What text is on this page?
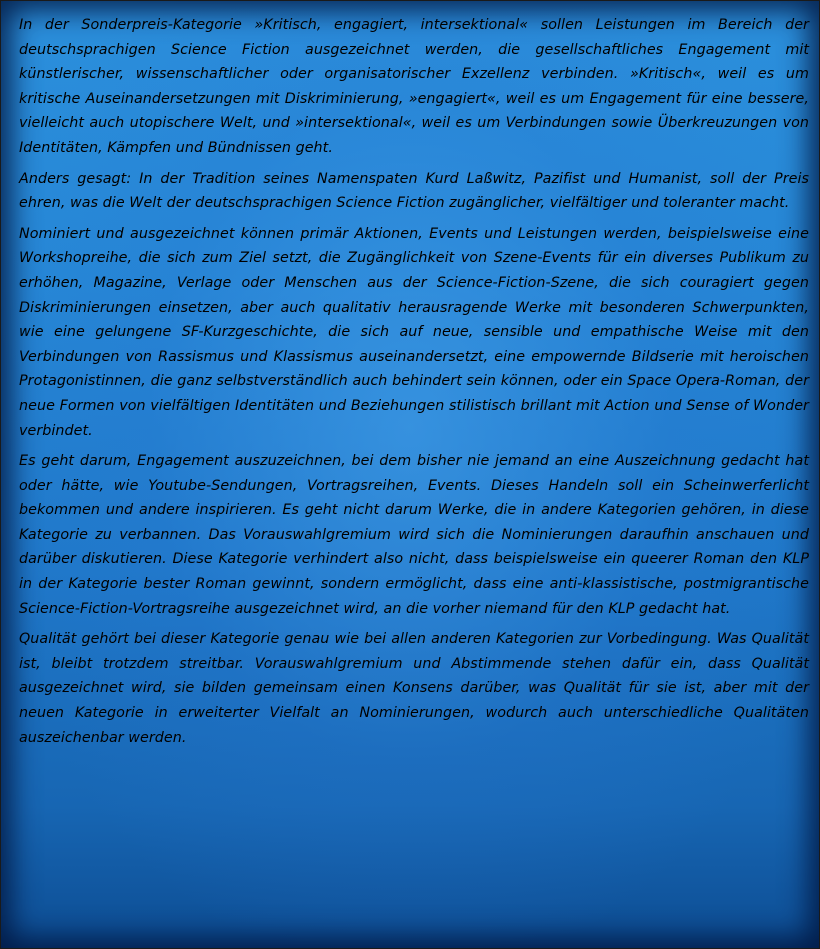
In der Sonderpreis-Kategorie »Kritisch, engagiert, intersektional« sollen Leistungen im Bereich der deutschsprachigen Science Fiction ausgezeichnet werden, die gesellschaftliches Engagement mit künstlerischer, wissenschaftlicher oder organisatorischer Exzellenz verbinden. »Kritisch«, weil es um kritische Auseinandersetzungen mit Diskriminierung, »engagiert«, weil es um Engagement für eine bessere, vielleicht auch utopischere Welt, und »intersektional«, weil es um Verbindungen sowie Überkreuzungen von Identitäten, Kämpfen und Bündnissen geht.

Anders gesagt: In der Tradition seines Namenspaten Kurd Laßwitz, Pazifist und Humanist, soll der Preis ehren, was die Welt der deutschsprachigen Science Fiction zugänglicher, vielfältiger und toleranter macht.

Nominiert und ausgezeichnet können primär Aktionen, Events und Leistungen werden, beispielsweise eine Workshopreihe, die sich zum Ziel setzt, die Zugänglichkeit von Szene-Events für ein diverses Publikum zu erhöhen, Magazine, Verlage oder Menschen aus der Science-Fiction-Szene, die sich couragiert gegen Diskriminierungen einsetzen, aber auch qualitativ herausragende Werke mit besonderen Schwerpunkten, wie eine gelungene SF-Kurzgeschichte, die sich auf neue, sensible und empathische Weise mit den Verbindungen von Rassismus und Klassismus auseinandersetzt, eine empowernde Bildserie mit heroischen Protagonistinnen, die ganz selbstverständlich auch behindert sein können, oder ein Space Opera-Roman, der neue Formen von vielfältigen Identitäten und Beziehungen stilistisch brillant mit Action und Sense of Wonder verbindet.

Es geht darum, Engagement auszuzeichnen, bei dem bisher nie jemand an eine Auszeichnung gedacht hat oder hätte, wie Youtube-Sendungen, Vortragsreihen, Events. Dieses Handeln soll ein Scheinwerferlicht bekommen und andere inspirieren. Es geht nicht darum Werke, die in andere Kategorien gehören, in diese Kategorie zu verbannen. Das Vorauswahlgremium wird sich die Nominierungen daraufhin anschauen und darüber diskutieren. Diese Kategorie verhindert also nicht, dass beispielsweise ein queerer Roman den KLP in der Kategorie bester Roman gewinnt, sondern ermöglicht, dass eine anti-klassistische, postmigrantische Science-Fiction-Vortragsreihe ausgezeichnet wird, an die vorher niemand für den KLP gedacht hat.

Qualität gehört bei dieser Kategorie genau wie bei allen anderen Kategorien zur Vorbedingung. Was Qualität ist, bleibt trotzdem streitbar. Vorauswahlgremium und Abstimmende stehen dafür ein, dass Qualität ausgezeichnet wird, sie bilden gemeinsam einen Konsens darüber, was Qualität für sie ist, aber mit der neuen Kategorie in erweiterter Vielfalt an Nominierungen, wodurch auch unterschiedliche Qualitäten auszeichenbar werden.
